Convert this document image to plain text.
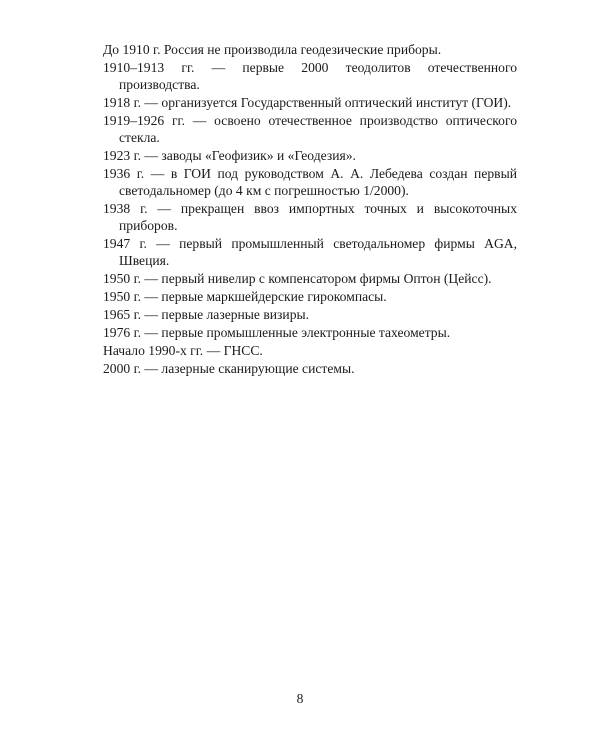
До 1910 г. Россия не производила геодезические приборы.

1910–1913 гг. — первые 2000 теодолитов отечественного производства.

1918 г. — организуется Государственный оптический институт (ГОИ).

1919–1926 гг. — освоено отечественное производство оптического стекла.

1923 г. — заводы «Геофизик» и «Геодезия».

1936 г. — в ГОИ под руководством А. А. Лебедева создан первый светодальномер (до 4 км с погрешностью 1/2000).

1938 г. — прекращен ввоз импортных точных и высокоточных приборов.

1947 г. — первый промышленный светодальномер фирмы AGA, Швеция.

1950 г. — первый нивелир с компенсатором фирмы Оптон (Цейсс).

1950 г. — первые маркшейдерские гирокомпасы.

1965 г. — первые лазерные визиры.

1976 г. — первые промышленные электронные тахеометры.

Начало 1990-х гг. — ГНСС.

2000 г. — лазерные сканирующие системы.

8
